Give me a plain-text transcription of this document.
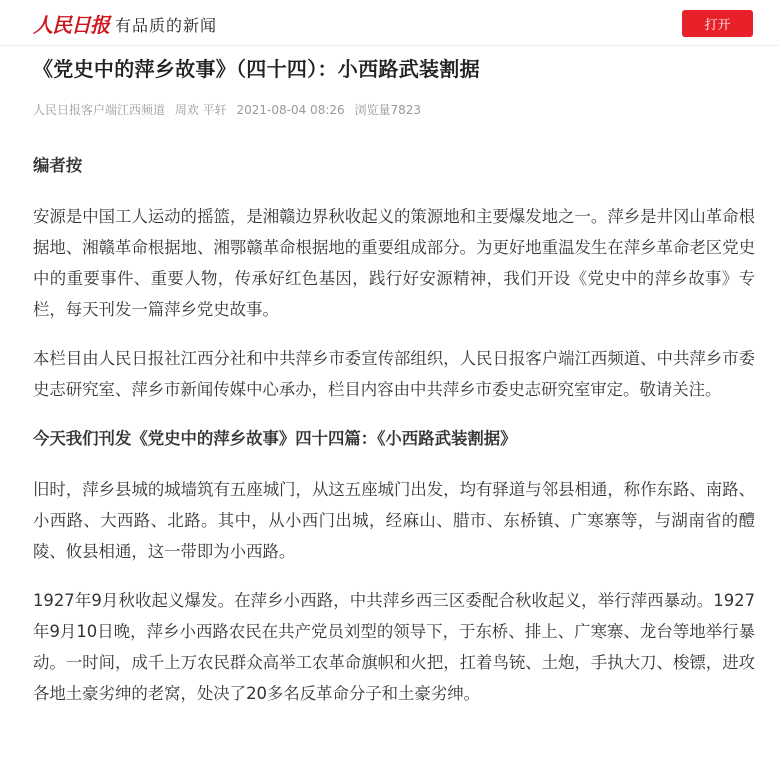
人民日报 有品质的新闻	打开
《党史中的萍乡故事》（四十四）：小西路武装割据
人民日报客户端江西频道 周欢 平轩 2021-08-04 08:26 浏览量7823

编者按

安源是中国工人运动的摇篮，是湘赣边界秋收起义的策源地和主要爆发地之一。萍乡是井冈山革命根据地、湘赣革命根据地、湘鄂赣革命根据地的重要组成部分。为更好地重温发生在萍乡革命老区党史中的重要事件、重要人物，传承好红色基因，践行好安源精神，我们开设《党史中的萍乡故事》专栏，每天刊发一篇萍乡党史故事。

本栏目由人民日报社江西分社和中共萍乡市委宣传部组织，人民日报客户端江西频道、中共萍乡市委史志研究室、萍乡市新闻传媒中心承办，栏目内容由中共萍乡市委史志研究室审定。敬请关注。

今天我们刊发《党史中的萍乡故事》四十四篇：《小西路武装割据》

旧时，萍乡县城的城墙筑有五座城门，从这五座城门出发，均有驿道与邻县相通，称作东路、南路、小西路、大西路、北路。其中，从小西门出城，经麻山、腊市、东桥镇、广寒寨等，与湖南省的醴陵、攸县相通，这一带即为小西路。

1927年9月秋收起义爆发。在萍乡小西路，中共萍乡西三区委配合秋收起义，举行萍西暴动。1927年9月10日晚，萍乡小西路农民在共产党员刘型的领导下，于东桥、排上、广寒寨、龙台等地举行暴动。一时间，成千上万农民群众高举工农革命旗帜和火把，扛着鸟铳、土炮，手执大刀、梭镖，进攻各地土豪劣绅的老窝，处决了20多名反革命分子和土豪劣绅。
